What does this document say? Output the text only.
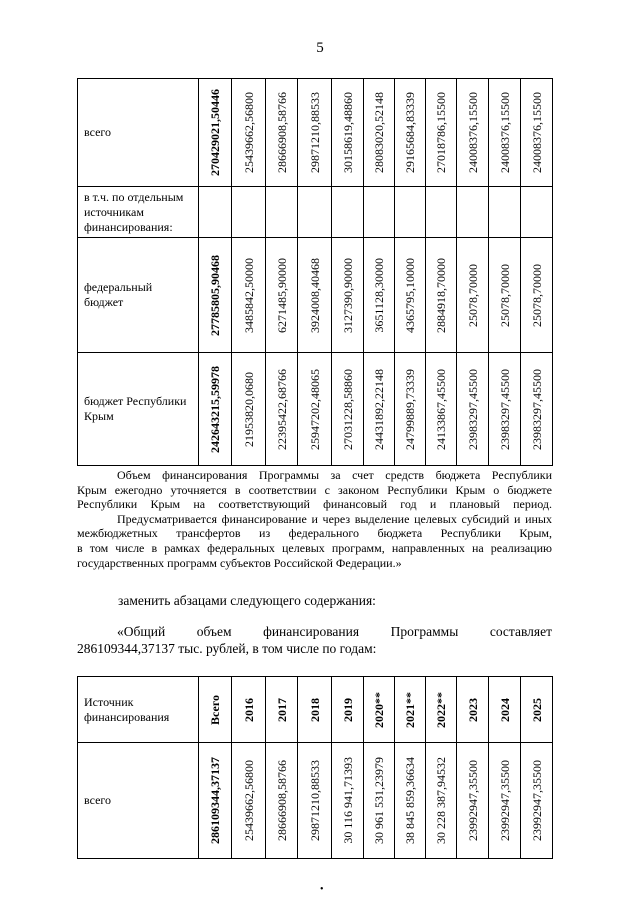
5
всего	270429021,50446	25439662,56800	28666908,58766	29871210,88533	30158619,48860	28083020,52148	29165684,83339	27018786,15500	24008376,15500	24008376,15500	24008376,15500

в т.ч. по отдельным источникам финансирования:	

федеральный бюджет	27785805,90468	3485842,50000	6271485,90000	3924008,40468	3127390,90000	3651128,30000	4365795,10000	2884918,70000	25078,70000	25078,70000	25078,70000

бюджет Республики Крым	242643215,59978	21953820,0680	22395422,68766	25947202,48065	27031228,58860	24431892,22148	24799889,73339	24133867,45500	23983297,45500	23983297,45500	23983297,45500
Объем финансирования Программы за счет средств бюджета Республики
Крым ежегодно уточняется в соответствии с законом Республики Крым о бюджете
Республики Крым на соответствующий финансовый год и плановый период.
Предусматривается финансирование и через выделение целевых субсидий и иных
межбюджетных трансфертов из федерального бюджета Республики Крым,
в том числе в рамках федеральных целевых программ, направленных на реализацию
государственных программ субъектов Российской Федерации.»
заменить абзацами следующего содержания:
«Общий объем финансирования Программы составляет
286109344,37137 тыс. рублей, в том числе по годам:
Источник финансирования	Всего	2016	2017	2018	2019	2020**	2021**	2022**	2023	2024	2025

всего	286109344,37137	25439662,56800	28666908,58766	29871210,88533	30 116 941,71393	30 961 531,23979	38 845 859,36634	30 228 387,94532	23992947,35500	23992947,35500	23992947,35500
•
